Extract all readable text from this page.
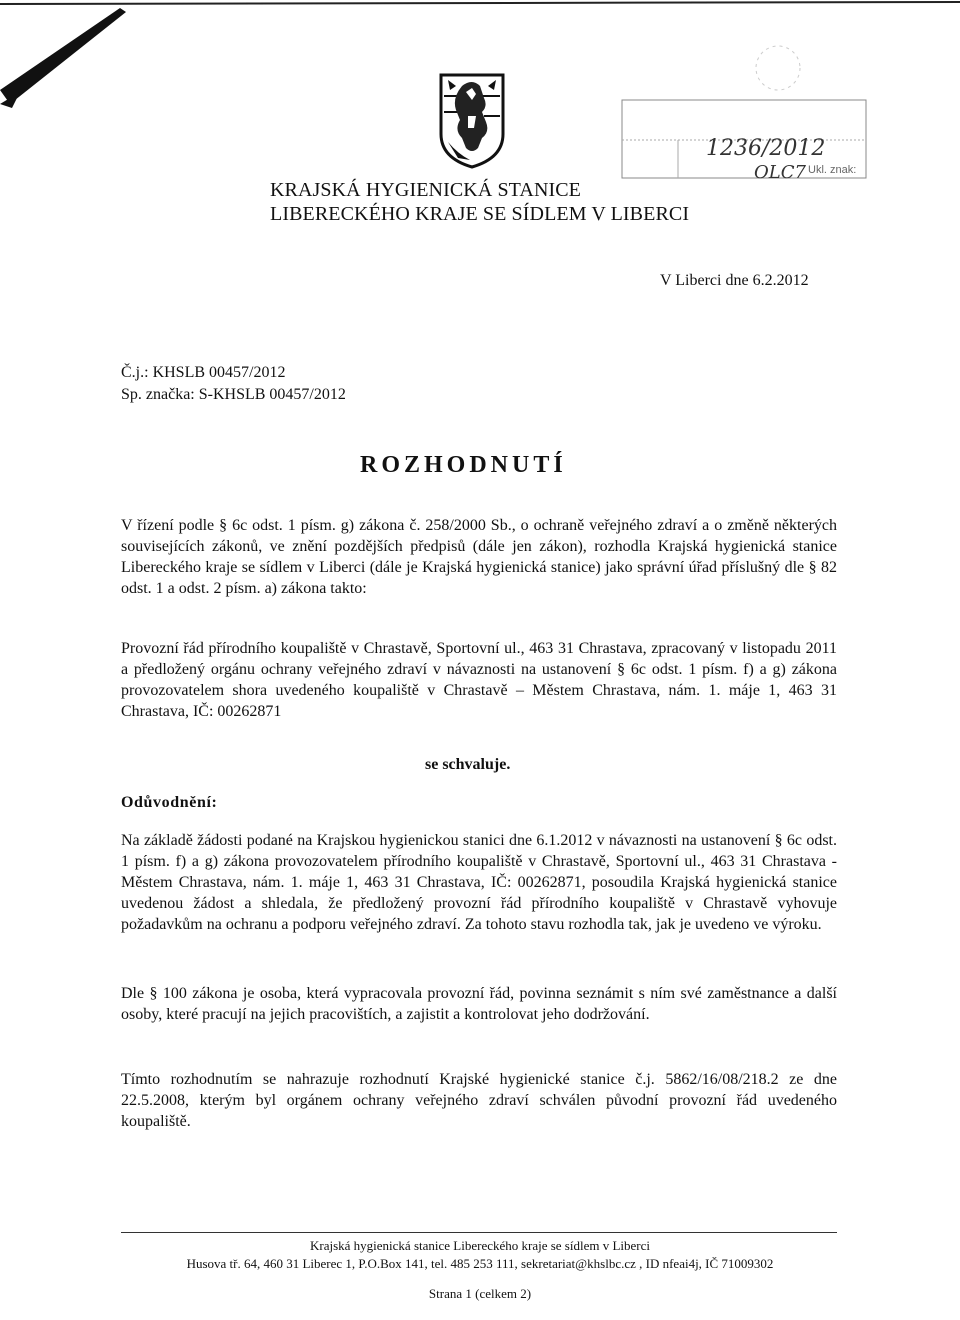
1236/2012
OLC7 Ukl. znak:
KRAJSKÁ HYGIENICKÁ STANICE
LIBERECKÉHO KRAJE SE SÍDLEM V LIBERCI
V Liberci dne 6.2.2012
Č.j.: KHSLB 00457/2012
Sp. značka: S-KHSLB 00457/2012
ROZHODNUTÍ
V řízení podle § 6c odst. 1 písm. g) zákona č. 258/2000 Sb., o ochraně veřejného zdraví a o změně některých souvisejících zákonů, ve znění pozdějších předpisů (dále jen zákon), rozhodla Krajská hygienická stanice Libereckého kraje se sídlem v Liberci (dále je Krajská hygienická stanice) jako správní úřad příslušný dle § 82 odst. 1 a odst. 2 písm. a) zákona takto:
Provozní řád přírodního koupaliště v Chrastavě, Sportovní ul., 463 31 Chrastava, zpracovaný v listopadu 2011 a předložený orgánu ochrany veřejného zdraví v návaznosti na ustanovení § 6c odst. 1 písm. f) a g) zákona provozovatelem shora uvedeného koupaliště v Chrastavě – Městem Chrastava, nám. 1. máje 1, 463 31 Chrastava, IČ: 00262871
se schvaluje.
Odůvodnění:
Na základě žádosti podané na Krajskou hygienickou stanici dne 6.1.2012 v návaznosti na ustanovení § 6c odst. 1 písm. f) a g) zákona provozovatelem přírodního koupaliště v Chrastavě, Sportovní ul., 463 31 Chrastava - Městem Chrastava, nám. 1. máje 1, 463 31 Chrastava, IČ: 00262871, posoudila Krajská hygienická stanice uvedenou žádost a shledala, že předložený provozní řád přírodního koupaliště v Chrastavě vyhovuje požadavkům na ochranu a podporu veřejného zdraví. Za tohoto stavu rozhodla tak, jak je uvedeno ve výroku.
Dle § 100 zákona je osoba, která vypracovala provozní řád, povinna seznámit s ním své zaměstnance a další osoby, které pracují na jejich pracovištích, a zajistit a kontrolovat jeho dodržování.
Tímto rozhodnutím se nahrazuje rozhodnutí Krajské hygienické stanice č.j. 5862/16/08/218.2 ze dne 22.5.2008, kterým byl orgánem ochrany veřejného zdraví schválen původní provozní řád uvedeného koupaliště.
Krajská hygienická stanice Libereckého kraje se sídlem v Liberci
Husova tř. 64, 460 31 Liberec 1, P.O.Box 141, tel. 485 253 111, sekretariat@khslbc.cz , ID nfeai4j, IČ 71009302
Strana 1 (celkem 2)
